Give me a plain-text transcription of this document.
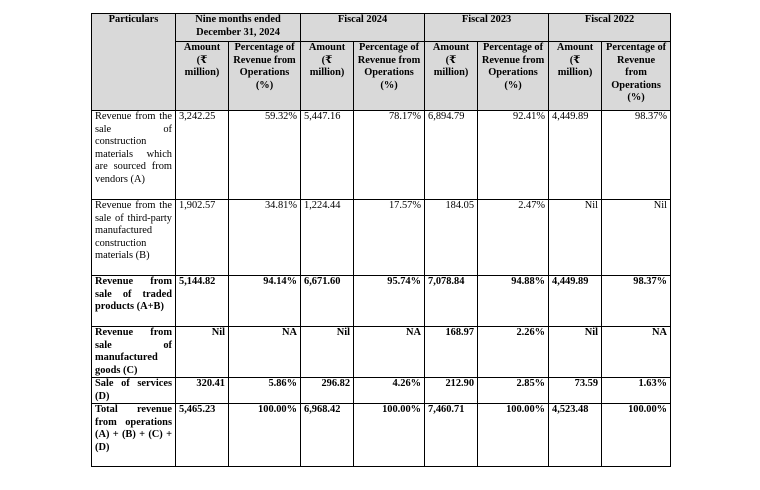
Particulars	Nine months ended December 31, 2024		Fiscal 2024		Fiscal 2023		Fiscal 2022	
	Amount (₹ million)	Percentage of Revenue from Operations (%)	Amount (₹ million)	Percentage of Revenue from Operations (%)	Amount (₹ million)	Percentage of Revenue from Operations (%)	Amount (₹ million)	Percentage of Revenue from Operations (%)
Revenue from the sale of construction materials which are sourced from vendors (A)	3,242.25	59.32%	5,447.16	78.17%	6,894.79	92.41%	4,449.89	98.37%
Revenue from the sale of third-party manufactured construction materials (B)	1,902.57	34.81%	1,224.44	17.57%	184.05	2.47%	Nil	Nil
Revenue from sale of traded products (A+B)	5,144.82	94.14%	6,671.60	95.74%	7,078.84	94.88%	4,449.89	98.37%
Revenue from sale of manufactured goods (C)	Nil	NA	Nil	NA	168.97	2.26%	Nil	NA
Sale of services (D)	320.41	5.86%	296.82	4.26%	212.90	2.85%	73.59	1.63%
Total revenue from operations (A) + (B) + (C) + (D)	5,465.23	100.00%	6,968.42	100.00%	7,460.71	100.00%	4,523.48	100.00%
